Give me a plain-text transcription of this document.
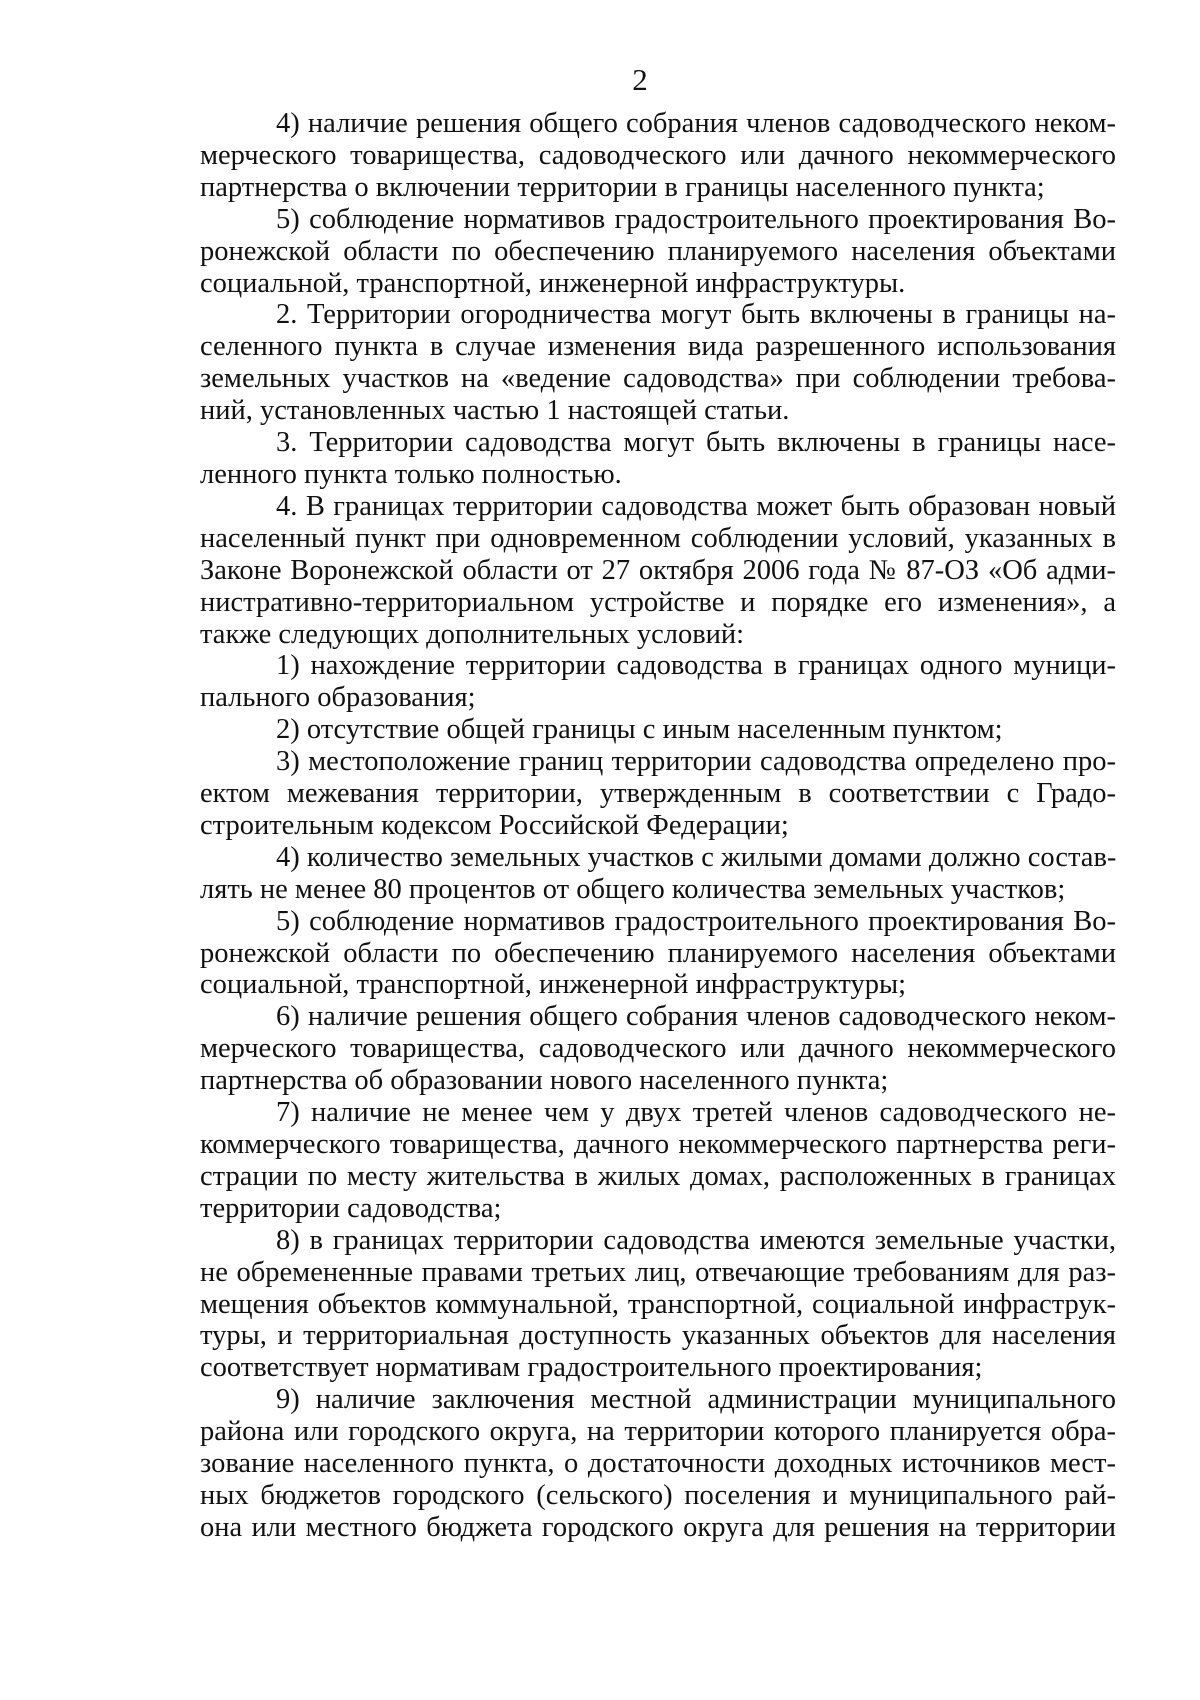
2
4) наличие решения общего собрания членов садоводческого неком-
мерческого товарищества, садоводческого или дачного некоммерческого
партнерства о включении территории в границы населенного пункта;
5) соблюдение нормативов градостроительного проектирования Во-
ронежской области по обеспечению планируемого населения объектами
социальной, транспортной, инженерной инфраструктуры.
2. Территории огородничества могут быть включены в границы на-
селенного пункта в случае изменения вида разрешенного использования
земельных участков на «ведение садоводства» при соблюдении требова-
ний, установленных частью 1 настоящей статьи.
3. Территории садоводства могут быть включены в границы насе-
ленного пункта только полностью.
4. В границах территории садоводства может быть образован новый
населенный пункт при одновременном соблюдении условий, указанных в
Законе Воронежской области от 27 октября 2006 года № 87-ОЗ «Об адми-
нистративно-территориальном устройстве и порядке его изменения», а
также следующих дополнительных условий:
1) нахождение территории садоводства в границах одного муници-
пального образования;
2) отсутствие общей границы с иным населенным пунктом;
3) местоположение границ территории садоводства определено про-
ектом межевания территории, утвержденным в соответствии с Градо-
строительным кодексом Российской Федерации;
4) количество земельных участков с жилыми домами должно состав-
лять не менее 80 процентов от общего количества земельных участков;
5) соблюдение нормативов градостроительного проектирования Во-
ронежской области по обеспечению планируемого населения объектами
социальной, транспортной, инженерной инфраструктуры;
6) наличие решения общего собрания членов садоводческого неком-
мерческого товарищества, садоводческого или дачного некоммерческого
партнерства об образовании нового населенного пункта;
7) наличие не менее чем у двух третей членов садоводческого не-
коммерческого товарищества, дачного некоммерческого партнерства реги-
страции по месту жительства в жилых домах, расположенных в границах
территории садоводства;
8) в границах территории садоводства имеются земельные участки,
не обремененные правами третьих лиц, отвечающие требованиям для раз-
мещения объектов коммунальной, транспортной, социальной инфраструк-
туры, и территориальная доступность указанных объектов для населения
соответствует нормативам градостроительного проектирования;
9) наличие заключения местной администрации муниципального
района или городского округа, на территории которого планируется обра-
зование населенного пункта, о достаточности доходных источников мест-
ных бюджетов городского (сельского) поселения и муниципального рай-
она или местного бюджета городского округа для решения на территории
